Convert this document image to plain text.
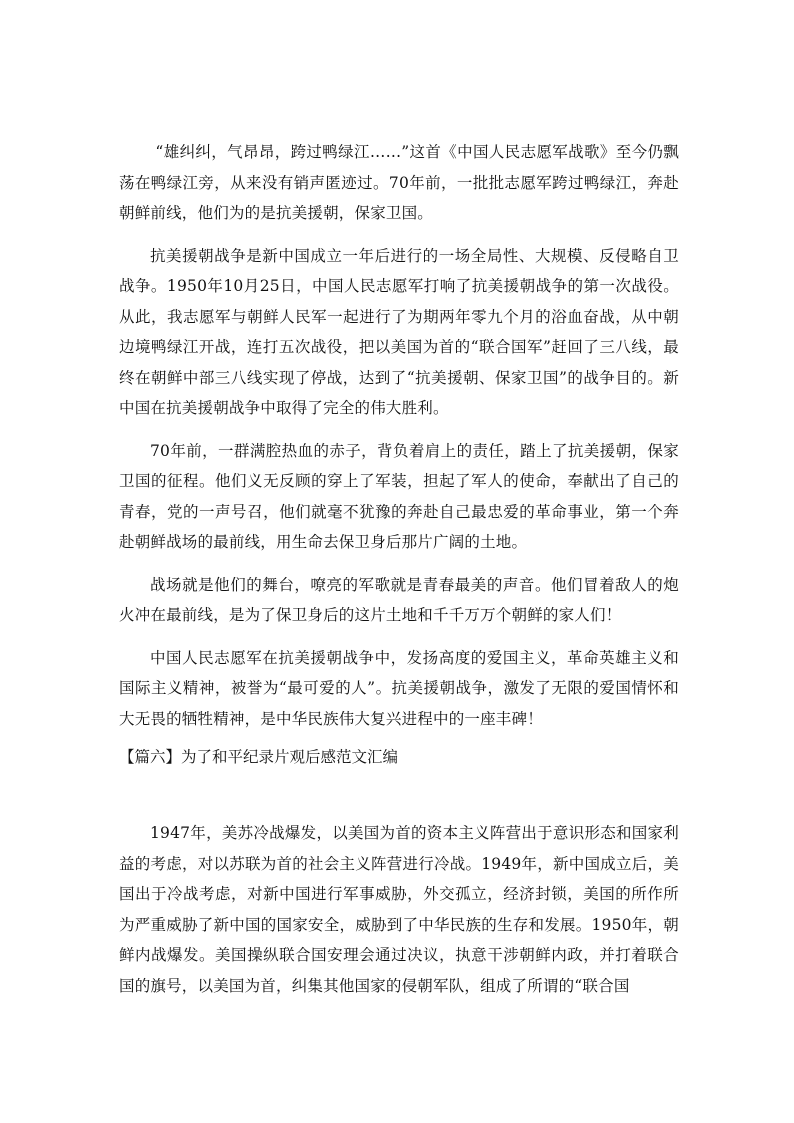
“雄纠纠，气昂昂，跨过鸭绿江……”这首《中国人民志愿军战歌》至今仍飘荡在鸭绿江旁，从来没有销声匿迹过。70年前，一批批志愿军跨过鸭绿江，奔赴朝鲜前线，他们为的是抗美援朝，保家卫国。

抗美援朝战争是新中国成立一年后进行的一场全局性、大规模、反侵略自卫战争。1950年10月25日，中国人民志愿军打响了抗美援朝战争的第一次战役。从此，我志愿军与朝鲜人民军一起进行了为期两年零九个月的浴血奋战，从中朝边境鸭绿江开战，连打五次战役，把以美国为首的“联合国军”赶回了三八线，最终在朝鲜中部三八线实现了停战，达到了“抗美援朝、保家卫国”的战争目的。新中国在抗美援朝战争中取得了完全的伟大胜利。

70年前，一群满腔热血的赤子，背负着肩上的责任，踏上了抗美援朝，保家卫国的征程。他们义无反顾的穿上了军装，担起了军人的使命，奉献出了自己的青春，党的一声号召，他们就毫不犹豫的奔赴自己最忠爱的革命事业，第一个奔赴朝鲜战场的最前线，用生命去保卫身后那片广阔的土地。

战场就是他们的舞台，嘹亮的军歌就是青春最美的声音。他们冒着敌人的炮火冲在最前线，是为了保卫身后的这片土地和千千万万个朝鲜的家人们！

中国人民志愿军在抗美援朝战争中，发扬高度的爱国主义，革命英雄主义和国际主义精神，被誉为“最可爱的人”。抗美援朝战争，激发了无限的爱国情怀和大无畏的牺牲精神，是中华民族伟大复兴进程中的一座丰碑！

【篇六】为了和平纪录片观后感范文汇编

1947年，美苏冷战爆发，以美国为首的资本主义阵营出于意识形态和国家利益的考虑，对以苏联为首的社会主义阵营进行冷战。1949年，新中国成立后，美国出于冷战考虑，对新中国进行军事威胁，外交孤立，经济封锁，美国的所作所为严重威胁了新中国的国家安全，威胁到了中华民族的生存和发展。1950年，朝鲜内战爆发。美国操纵联合国安理会通过决议，执意干涉朝鲜内政，并打着联合国的旗号，以美国为首，纠集其他国家的侵朝军队，组成了所谓的“联合国
